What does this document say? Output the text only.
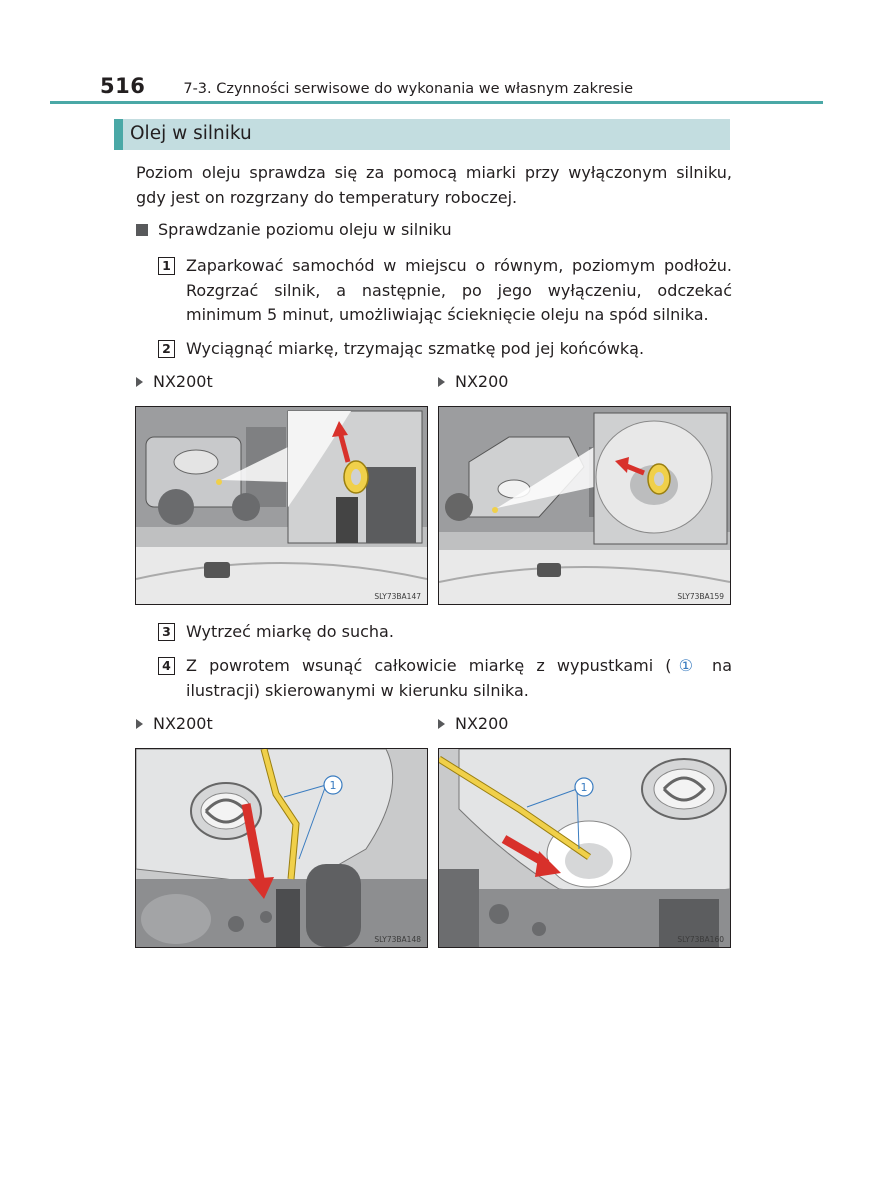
516	7-3. Czynności serwisowe do wykonania we własnym zakresie
Olej w silniku
Poziom oleju sprawdza się za pomocą miarki przy wyłączonym silniku, gdy jest on rozgrzany do temperatury roboczej.
Sprawdzanie poziomu oleju w silniku
1 Zaparkować samochód w miejscu o równym, poziomym podłożu. Rozgrzać silnik, a następnie, po jego wyłączeniu, odczekać minimum 5 minut, umożliwiając ścieknięcie oleju na spód silnika.
2 Wyciągnąć miarkę, trzymając szmatkę pod jej końcówką.
NX200t	NX200
SLY73BA147	SLY73BA159
3 Wytrzeć miarkę do sucha.
4 Z powrotem wsunąć całkowicie miarkę z wypustkami (① na ilustracji) skierowanymi w kierunku silnika.
NX200t	NX200
1
SLY73BA148
1
SLY73BA160
